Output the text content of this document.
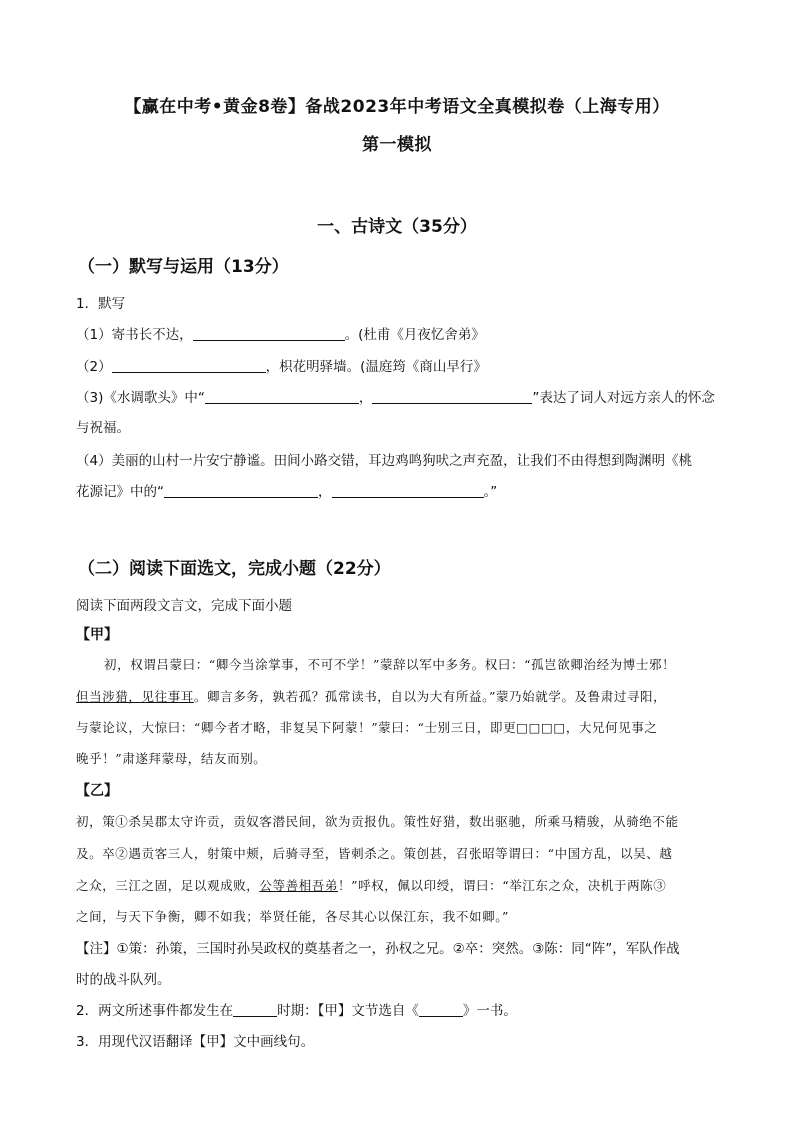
【赢在中考•黄金8卷】备战2023年中考语文全真模拟卷（上海专用）
第一模拟
一、古诗文（35分）
（一）默写与运用（13分）
1．默写
（1）寄书长不达，	。(杜甫《月夜忆舍弟》
（2）	，枳花明驿墙。(温庭筠《商山早行》
（3)《水调歌头》中“	，	”表达了词人对远方亲人的怀念
与祝福。
（4）美丽的山村一片安宁静谧。田间小路交错，耳边鸡鸣狗吠之声充盈，让我们不由得想到陶渊明《桃
花源记》中的“	，	。”
（二）阅读下面选文，完成小题（22分）
阅读下面两段文言文，完成下面小题
【甲】
初，权谓吕蒙曰：“卿今当涂掌事，不可不学！”蒙辞以军中多务。权曰：“孤岂欲卿治经为博士邪！
但当涉猎，见往事耳。卿言多务，孰若孤？孤常读书，自以为大有所益。”蒙乃始就学。及鲁肃过寻阳，
与蒙论议，大惊曰：“卿今者才略，非复吴下阿蒙！”蒙曰：“士别三日，即更□□□□，大兄何见事之
晚乎！”肃遂拜蒙母，结友而别。
【乙】
初，策①杀吴郡太守许贡，贡奴客潜民间，欲为贡报仇。策性好猎，数出驱驰，所乘马精骏，从骑绝不能
及。卒②遇贡客三人，射策中颊，后骑寻至，皆刺杀之。策创甚，召张昭等谓曰：“中国方乱，以吴、越
之众，三江之固，足以观成败，公等善相吾弟！”呼权，佩以印绶，谓曰：“举江东之众，决机于两陈③
之间，与天下争衡，卿不如我；举贤任能，各尽其心以保江东，我不如卿。”
【注】①策：孙策，三国时孙吴政权的奠基者之一，孙权之兄。②卒：突然。③陈：同“阵”，军队作战
时的战斗队列。
2．两文所述事件都发生在	时期：【甲】文节选自《	》一书。
3．用现代汉语翻译【甲】文中画线句。
